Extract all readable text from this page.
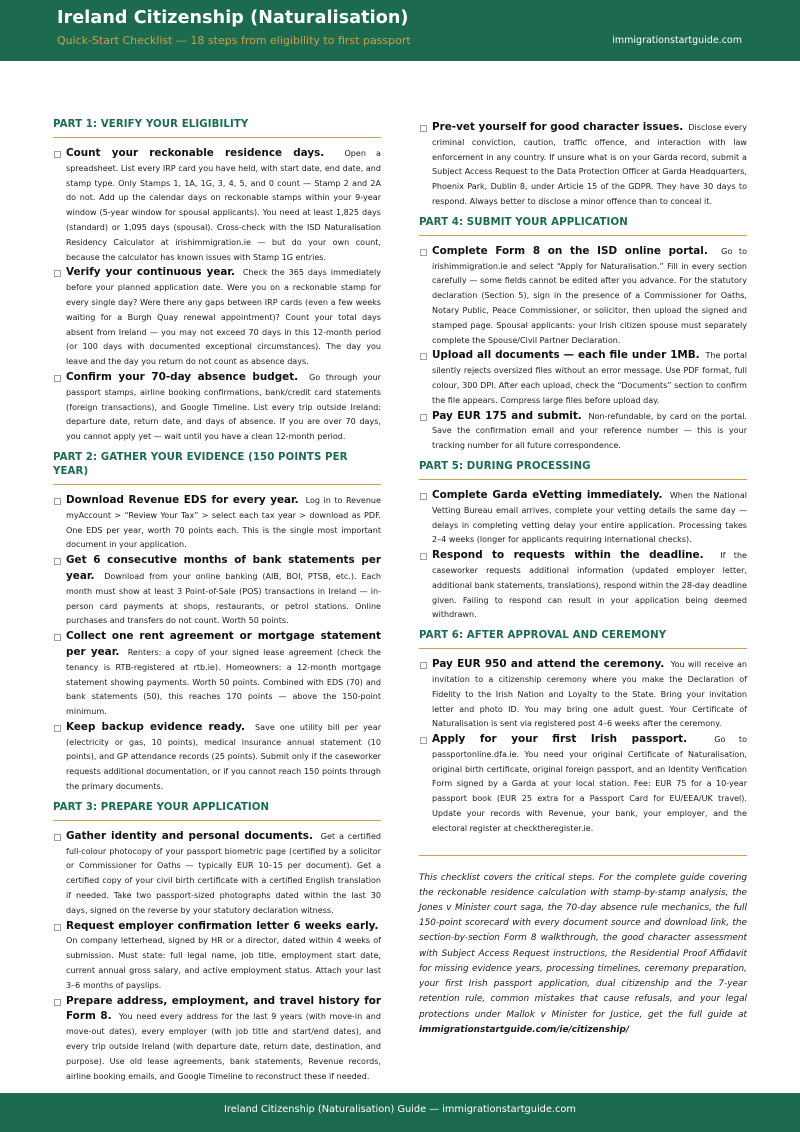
Ireland Citizenship (Naturalisation)
Quick-Start Checklist — 18 steps from eligibility to first passport	immigrationstartguide.com
PART 1: VERIFY YOUR ELIGIBILITY
Count your reckonable residence days.	Open a spreadsheet. List every IRP card you have held, with start date, end date, and stamp type. Only Stamps 1, 1A, 1G, 3, 4, 5, and 0 count — Stamp 2 and 2A do not. Add up the calendar days on reckonable stamps within your 9-year window (5-year window for spousal applicants). You need at least 1,825 days (standard) or 1,095 days (spousal). Cross-check with the ISD Naturalisation Residency Calculator at irishimmigration.ie — but do your own count, because the calculator has known issues with Stamp 1G entries.
Verify your continuous year. Check the 365 days immediately before your planned application date. Were you on a reckonable stamp for every single day? Were there any gaps between IRP cards (even a few weeks waiting for a Burgh Quay renewal appointment)? Count your total days absent from Ireland — you may not exceed 70 days in this 12-month period (or 100 days with documented exceptional circumstances). The day you leave and the day you return do not count as absence days.
Confirm your 70-day absence budget. Go through your passport stamps, airline booking confirmations, bank/credit card statements (foreign transactions), and Google Timeline. List every trip outside Ireland: departure date, return date, and days of absence. If you are over 70 days, you cannot apply yet — wait until you have a clean 12-month period.
PART 2: GATHER YOUR EVIDENCE (150 POINTS PER YEAR)
Download Revenue EDS for every year. Log in to Revenue myAccount > “Review Your Tax” > select each tax year > download as PDF. One EDS per year, worth 70 points each. This is the single most important document in your application.
Get 6 consecutive months of bank statements per year. Download from your online banking (AIB, BOI, PTSB, etc.). Each month must show at least 3 Point-of-Sale (POS) transactions in Ireland — in-person card payments at shops, restaurants, or petrol stations. Online purchases and transfers do not count. Worth 50 points.
Collect one rent agreement or mortgage statement per year. Renters: a copy of your signed lease agreement (check the tenancy is RTB-registered at rtb.ie). Homeowners: a 12-month mortgage statement showing payments. Worth 50 points. Combined with EDS (70) and bank statements (50), this reaches 170 points — above the 150-point minimum.
Keep backup evidence ready. Save one utility bill per year (electricity or gas, 10 points), medical insurance annual statement (10 points), and GP attendance records (25 points). Submit only if the caseworker requests additional documentation, or if you cannot reach 150 points through the primary documents.
PART 3: PREPARE YOUR APPLICATION
Gather identity and personal documents. Get a certified full-colour photocopy of your passport biometric page (certified by a solicitor or Commissioner for Oaths — typically EUR 10–15 per document). Get a certified copy of your civil birth certificate with a certified English translation if needed. Take two passport-sized photographs dated within the last 30 days, signed on the reverse by your statutory declaration witness.
Request employer confirmation letter 6 weeks early.  On company letterhead, signed by HR or a director, dated within 4 weeks of submission. Must state: full legal name, job title, employment start date, current annual gross salary, and active employment status. Attach your last 3–6 months of payslips.
Prepare address, employment, and travel history for Form 8. You need every address for the last 9 years (with move-in and move-out dates), every employer (with job title and start/end dates), and every trip outside Ireland (with departure date, return date, destination, and purpose). Use old lease agreements, bank statements, Revenue records, airline booking emails, and Google Timeline to reconstruct these if needed.
Pre-vet yourself for good character issues. Disclose every criminal conviction, caution, traffic offence, and interaction with law enforcement in any country. If unsure what is on your Garda record, submit a Subject Access Request to the Data Protection Officer at Garda Headquarters, Phoenix Park, Dublin 8, under Article 15 of the GDPR. They have 30 days to respond. Always better to disclose a minor offence than to conceal it.
PART 4: SUBMIT YOUR APPLICATION
Complete Form 8 on the ISD online portal. Go to irishimmigration.ie and select “Apply for Naturalisation.” Fill in every section carefully — some fields cannot be edited after you advance. For the statutory declaration (Section 5), sign in the presence of a Commissioner for Oaths, Notary Public, Peace Commissioner, or solicitor, then upload the signed and stamped page. Spousal applicants: your Irish citizen spouse must separately complete the Spouse/Civil Partner Declaration.
Upload all documents — each file under 1MB. The portal silently rejects oversized files without an error message. Use PDF format, full colour, 300 DPI. After each upload, check the “Documents” section to confirm the file appears. Compress large files before upload day.
Pay EUR 175 and submit. Non-refundable, by card on the portal. Save the confirmation email and your reference number — this is your tracking number for all future correspondence.
PART 5: DURING PROCESSING
Complete Garda eVetting immediately. When the National Vetting Bureau email arrives, complete your vetting details the same day — delays in completing vetting delay your entire application. Processing takes 2–4 weeks (longer for applicants requiring international checks).
Respond to requests within the deadline. If the caseworker requests additional information (updated employer letter, additional bank statements, translations), respond within the 28-day deadline given. Failing to respond can result in your application being deemed withdrawn.
PART 6: AFTER APPROVAL AND CEREMONY
Pay EUR 950 and attend the ceremony. You will receive an invitation to a citizenship ceremony where you make the Declaration of Fidelity to the Irish Nation and Loyalty to the State. Bring your invitation letter and photo ID. You may bring one adult guest. Your Certificate of Naturalisation is sent via registered post 4–6 weeks after the ceremony.
Apply for your first Irish passport.	Go to passportonline.dfa.ie. You need your original Certificate of Naturalisation, original birth certificate, original foreign passport, and an Identity Verification Form signed by a Garda at your local station. Fee: EUR 75 for a 10-year passport book (EUR 25 extra for a Passport Card for EU/EEA/UK travel). Update your records with Revenue, your bank, your employer, and the electoral register at checktheregister.ie.
This checklist covers the critical steps. For the complete guide covering the reckonable residence calculation with stamp-by-stamp analysis, the Jones v Minister court saga, the 70-day absence rule mechanics, the full 150-point scorecard with every document source and download link, the section-by-section Form 8 walkthrough, the good character assessment with Subject Access Request instructions, the Residential Proof Affidavit for missing evidence years, processing timelines, ceremony preparation, your first Irish passport application, dual citizenship and the 7-year retention rule, common mistakes that cause refusals, and your legal protections under Mallok v Minister for Justice, get the full guide at immigrationstartguide.com/ie/citizenship/
Ireland Citizenship (Naturalisation) Guide — immigrationstartguide.com
